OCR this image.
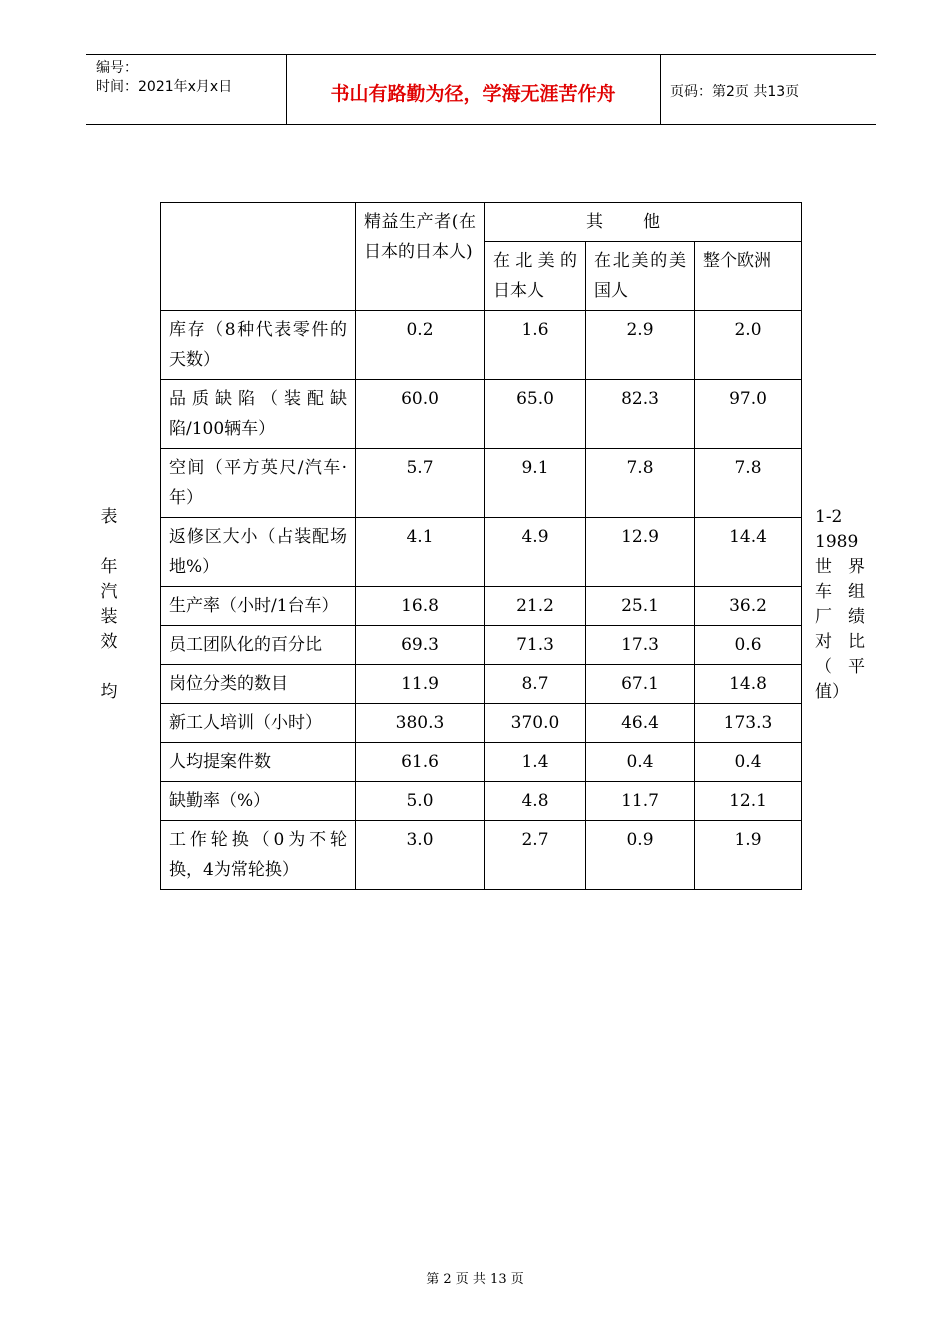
编号：
时间：2021年x月x日	书山有路勤为径，学海无涯苦作舟	页码：第2页 共13页
表
年
汽
装
效
均
1-2
1989
世界
车组
厂绩
对比
（平
值）
	精益生产者(在日本的日本人)	其他		
		在北美的日本人	在北美的美国人	整个欧洲
库存（8种代表零件的天数）	0.2	1.6	2.9	2.0
品质缺陷（装配缺陷/100辆车）	60.0	65.0	82.3	97.0
空间（平方英尺/汽车·年）	5.7	9.1	7.8	7.8
返修区大小（占装配场地%）	4.1	4.9	12.9	14.4
生产率（小时/1台车）	16.8	21.2	25.1	36.2
员工团队化的百分比	69.3	71.3	17.3	0.6
岗位分类的数目	11.9	8.7	67.1	14.8
新工人培训（小时）	380.3	370.0	46.4	173.3
人均提案件数	61.6	1.4	0.4	0.4
缺勤率（%）	5.0	4.8	11.7	12.1
工作轮换（0为不轮换，4为常轮换）	3.0	2.7	0.9	1.9
第 2 页 共 13 页
